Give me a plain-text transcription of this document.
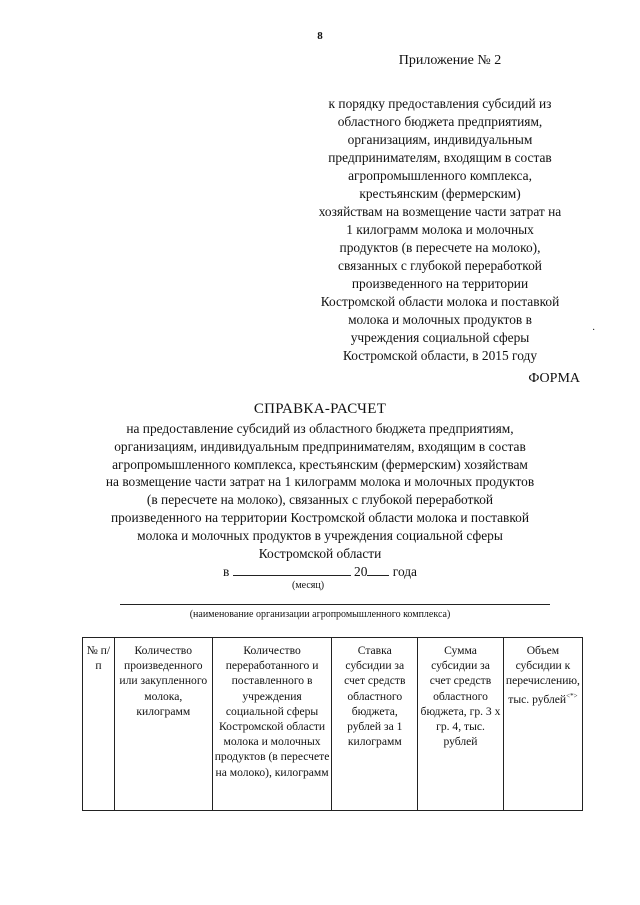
8
Приложение № 2
к порядку предоставления субсидий из
областного бюджета предприятиям,
организациям, индивидуальным
предпринимателям, входящим в состав
агропромышленного комплекса,
крестьянским (фермерским)
хозяйствам на возмещение части затрат на
1 килограмм молока и молочных
продуктов (в пересчете на молоко),
связанных с глубокой переработкой
произведенного на территории
Костромской области молока и поставкой
молока и молочных продуктов в
учреждения социальной сферы
Костромской области, в 2015 году
·
ФОРМА
СПРАВКА-РАСЧЕТ
на предоставление субсидий из областного бюджета предприятиям,
организациям, индивидуальным предпринимателям, входящим в состав
агропромышленного комплекса, крестьянским (фермерским) хозяйствам
на возмещение части затрат на 1 килограмм молока и молочных продуктов
(в пересчете на молоко), связанных с глубокой переработкой
произведенного на территории Костромской области молока и поставкой
молока и молочных продуктов в учреждения социальной сферы
Костромской области
в	20 года
(месяц)
(наименование организации агропромышленного комплекса)
№ п/п	Количество произведенного или закупленного молока, килограмм	Количество переработанного и поставленного в учреждения социальной сферы Костромской области молока и молочных продуктов (в пересчете на молоко), килограмм	Ставка субсидии за счет средств областного бюджета, рублей за 1 килограмм	Сумма субсидии за счет средств областного бюджета, гр. 3 x гр. 4, тыс. рублей	Объем субсидии к перечислению, тыс. рублей<*>
